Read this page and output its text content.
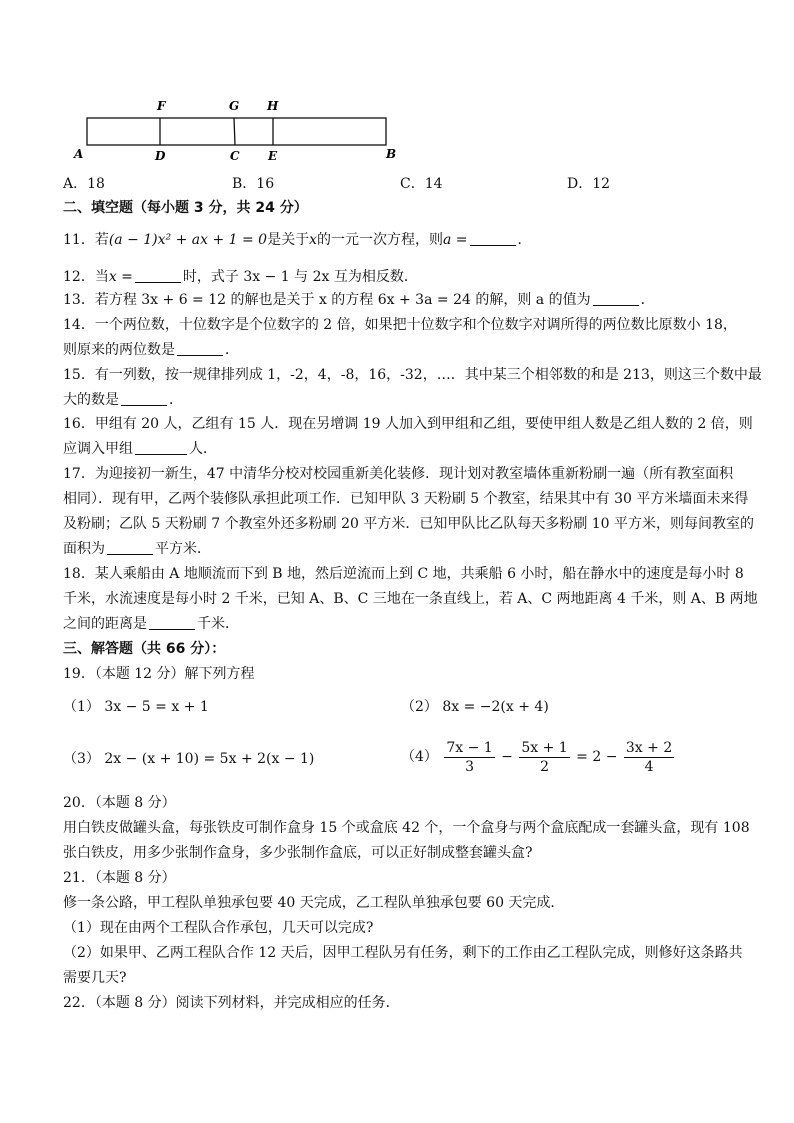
F	G H
A	D	C E	B
A．18	B．16	C．14	D．12
二、填空题（每小题 3 分，共 24 分）
11．若(a − 1)x² + ax + 1 = 0是关于x的一元一次方程，则a =	．
12．当x =	时，式子 3x − 1 与 2x 互为相反数．
13．若方程 3x + 6 = 12 的解也是关于 x 的方程 6x + 3a = 24 的解，则 a 的值为	．
14．一个两位数，十位数字是个位数字的 2 倍，如果把十位数字和个位数字对调所得的两位数比原数小 18，
则原来的两位数是	．
15．有一列数，按一规律排列成 1，-2，4，-8，16，-32，…．其中某三个相邻数的和是 213，则这三个数中最
大的数是	．
16．甲组有 20 人，乙组有 15 人．现在另增调 19 人加入到甲组和乙组，要使甲组人数是乙组人数的 2 倍，则
应调入甲组	人．
17．为迎接初一新生，47 中清华分校对校园重新美化装修．现计划对教室墙体重新粉刷一遍（所有教室面积
相同）．现有甲，乙两个装修队承担此项工作．已知甲队 3 天粉刷 5 个教室，结果其中有 30 平方米墙面未来得
及粉刷；乙队 5 天粉刷 7 个教室外还多粉刷 20 平方米．已知甲队比乙队每天多粉刷 10 平方米，则每间教室的
面积为	平方米．
18．某人乘船由 A 地顺流而下到 B 地，然后逆流而上到 C 地，共乘船 6 小时，船在静水中的速度是每小时 8
千米，水流速度是每小时 2 千米，已知 A、B、C 三地在一条直线上，若 A、C 两地距离 4 千米，则 A、B 两地
之间的距离是	千米．
三、解答题（共 66 分）：
19．（本题 12 分）解下列方程
（1） 3x − 5 = x + 1	（2） 8x = −2(x + 4)
（3） 2x − (x + 10) = 5x + 2(x − 1)	$(4) \frac{7x - 1}{3} - \frac{5x + 1}{2} = 2 - \frac{3x + 2}{4}$
20．（本题 8 分）
用白铁皮做罐头盒，每张铁皮可制作盒身 15 个或盒底 42 个，一个盒身与两个盒底配成一套罐头盒，现有 108
张白铁皮，用多少张制作盒身，多少张制作盒底，可以正好制成整套罐头盒?
21．（本题 8 分）
修一条公路，甲工程队单独承包要 40 天完成，乙工程队单独承包要 60 天完成．
（1）现在由两个工程队合作承包，几天可以完成?
（2）如果甲、乙两工程队合作 12 天后，因甲工程队另有任务，剩下的工作由乙工程队完成，则修好这条路共
需要几天?
22．（本题 8 分）阅读下列材料，并完成相应的任务．
